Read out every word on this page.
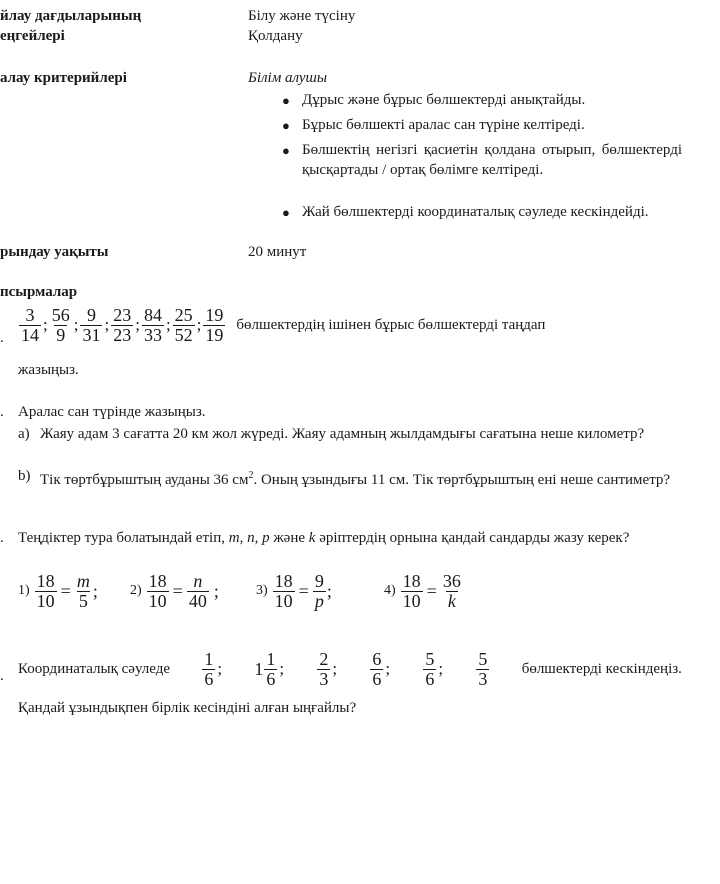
йлау дағдыларының	Білу және түсіну
еңгейлері	Қолдану
алау критерийлері	Білім алушы
● Дұрыс және бұрыс бөлшектерді анықтайды.
● Бұрыс бөлшекті аралас сан түріне келтіреді.
● Бөлшектің негізгі қасиетін қолдана отырып, бөлшектерді қысқартады / ортақ бөлімге келтіреді.
● Жай бөлшектерді координаталық сәуледе кескіндейді.
рындау уақыты	20 минут
псырмалар
. $\frac{3}{14}$ ; $\frac{56}{9}$ ; $\frac{9}{31}$ ; $\frac{23}{23}$ ; $\frac{84}{33}$ ; $\frac{25}{52}$ ; $\frac{19}{19}$ бөлшектердің ішінен бұрыс бөлшектерді таңдап
жазыңыз.
. Аралас сан түрінде жазыңыз.
а) Жаяу адам 3 сағатта 20 км жол жүреді. Жаяу адамның жылдамдығы сағатына неше километр?
b) Тік төртбұрыштың ауданы 36 $см^2$. Оның ұзындығы 11 см. Тік төртбұрыштың ені неше сантиметр?
. Теңдіктер тура болатындай етіп, m, n, p және k әріптердің орнына қандай сандарды жазу керек?
$1) \frac{18}{10} = \frac{m}{5}$ ; $2) \frac{18}{10} = \frac{n}{40}$ ;	$3) \frac{18}{10} = \frac{9}{p}$ ;	$4) \frac{18}{10} = \frac{36}{k}$
. Координаталық сәуледе $\frac{1}{6}$ ; $1 \frac{1}{6}$ ; $\frac{2}{3}$ ; $\frac{6}{6}$ ; $\frac{5}{6}$ ; $\frac{5}{3}$ бөлшектерді кескіндеңіз.
Қандай ұзындықпен бірлік кесіндіні алған ыңғайлы?
